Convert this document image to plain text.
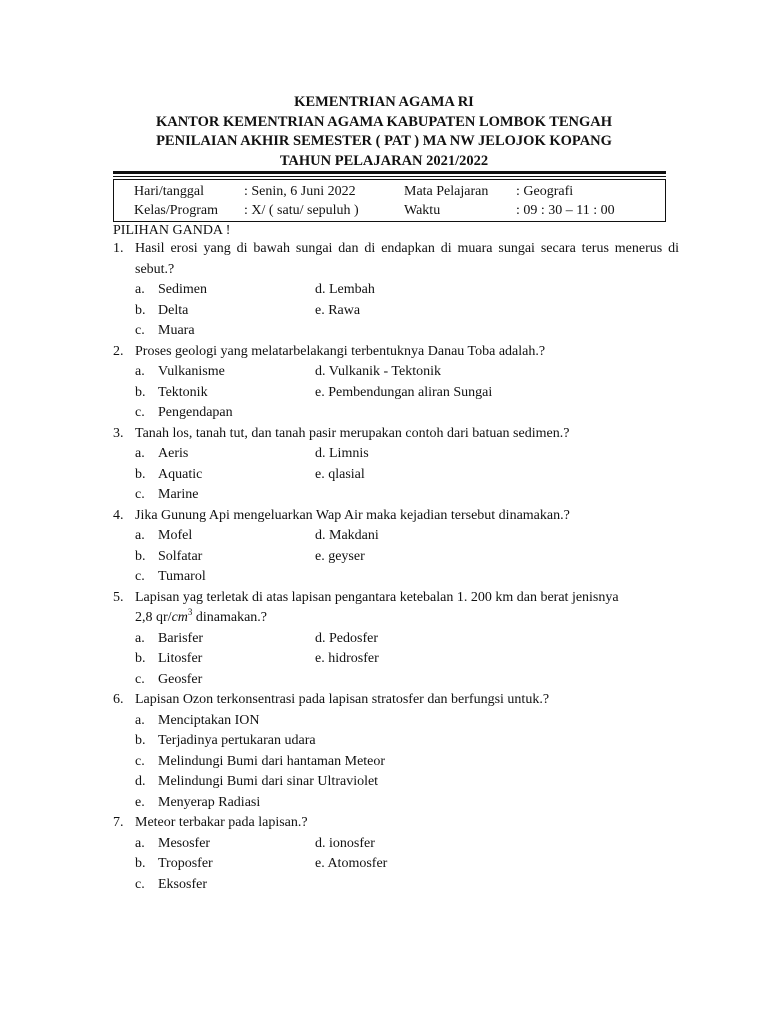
KEMENTRIAN AGAMA RI
KANTOR KEMENTRIAN AGAMA KABUPATEN LOMBOK TENGAH
PENILAIAN AKHIR SEMESTER ( PAT ) MA NW JELOJOK KOPANG
TAHUN PELAJARAN 2021/2022
Hari/tanggal	: Senin, 6 Juni 2022	Mata Pelajaran : Geografi
Kelas/Program : X/ ( satu/ sepuluh )	Waktu	: 09 : 30 – 11 : 00
PILIHAN GANDA !
1. Hasil erosi yang di bawah sungai dan di endapkan di muara sungai secara terus menerus di sebut.?
a. Sedimen	d. Lembah
b. Delta	e. Rawa
c. Muara
2. Proses geologi yang melatarbelakangi terbentuknya Danau Toba adalah.?
a. Vulkanisme	d. Vulkanik - Tektonik
b. Tektonik	e. Pembendungan aliran Sungai
c. Pengendapan
3. Tanah los, tanah tut, dan tanah pasir merupakan contoh dari batuan sedimen.?
a. Aeris	d. Limnis
b. Aquatic	e. qlasial
c. Marine
4. Jika Gunung Api mengeluarkan Wap Air maka kejadian tersebut dinamakan.?
a. Mofel	d. Makdani
b. Solfatar	e. geyser
c. Tumarol
5. Lapisan yag terletak di atas lapisan pengantara ketebalan 1. 200 km dan berat jenisnya
2,8 $qr/cm^3$ dinamakan.?
a. Barisfer	d. Pedosfer
b. Litosfer	e. hidrosfer
c. Geosfer
6. Lapisan Ozon terkonsentrasi pada lapisan stratosfer dan berfungsi untuk.?
a. Menciptakan ION
b. Terjadinya pertukaran udara
c. Melindungi Bumi dari hantaman Meteor
d. Melindungi Bumi dari sinar Ultraviolet
e. Menyerap Radiasi
7. Meteor terbakar pada lapisan.?
a. Mesosfer	d. ionosfer
b. Troposfer	e. Atomosfer
c. Eksosfer
